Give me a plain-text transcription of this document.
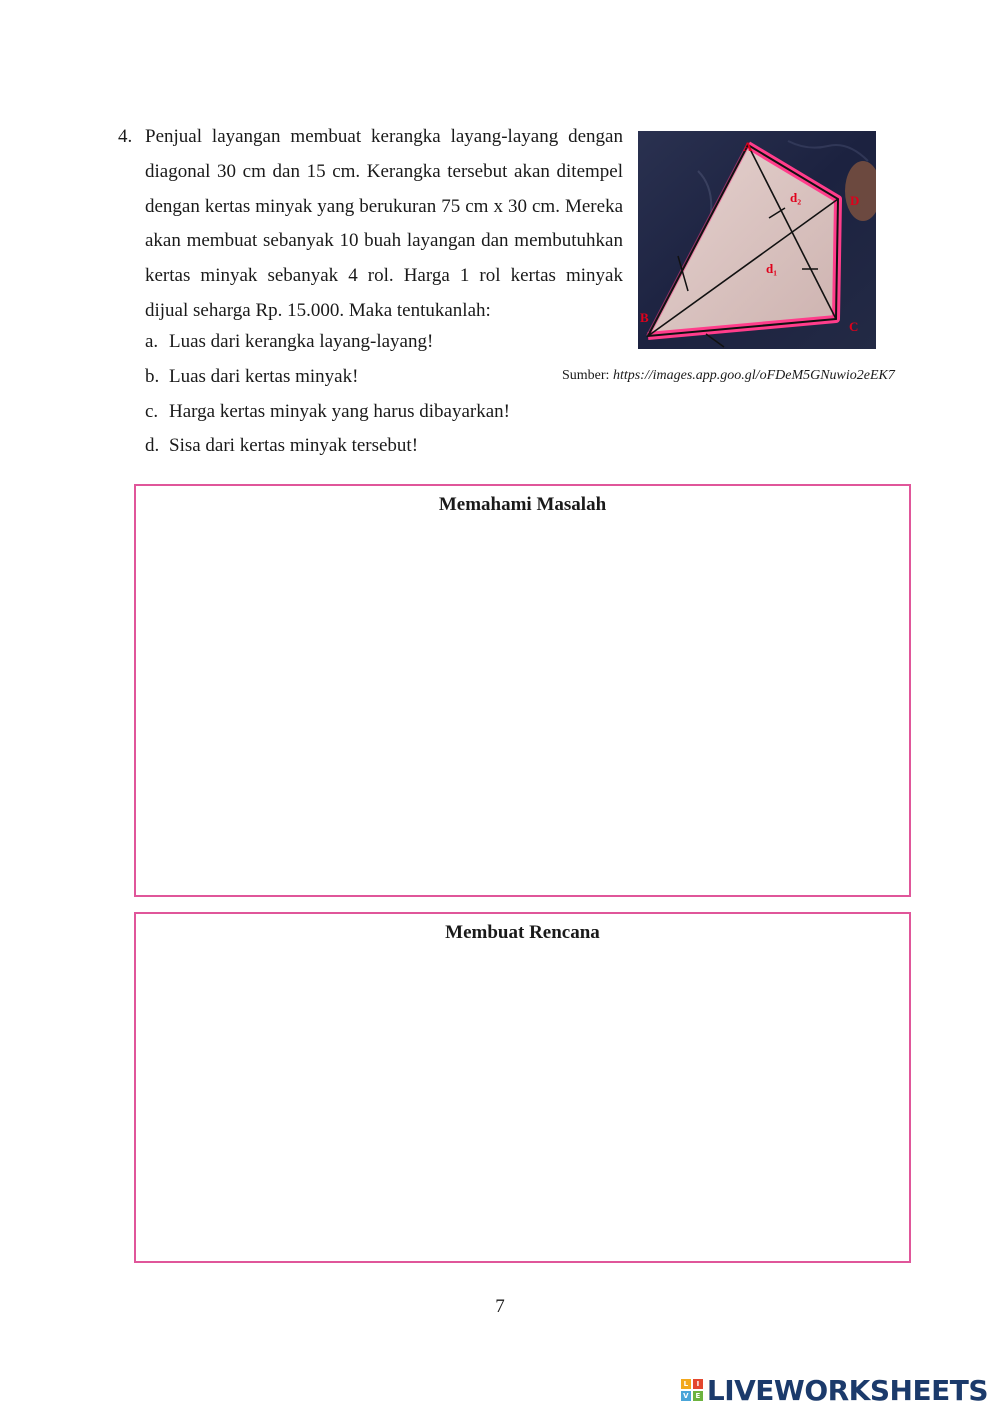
4. Penjual layangan membuat kerangka layang-layang dengan diagonal 30 cm dan 15 cm. Kerangka tersebut akan ditempel dengan kertas minyak yang berukuran 75 cm x 30 cm. Mereka akan membuat sebanyak 10 buah layangan dan membutuhkan kertas minyak sebanyak 4 rol. Harga 1 rol kertas minyak dijual seharga Rp. 15.000. Maka tentukanlah:

a. Luas dari kerangka layang-layang!
b. Luas dari kertas minyak!
c. Harga kertas minyak yang harus dibayarkan!
d. Sisa dari kertas minyak tersebut!
A
D
C
B
d₂
d₁
Sumber: https://images.app.goo.gl/oFDeM5GNuwio2eEK7
Memahami Masalah
Membuat Rencana
7
L	I
V E LIVEWORKSHEETS
